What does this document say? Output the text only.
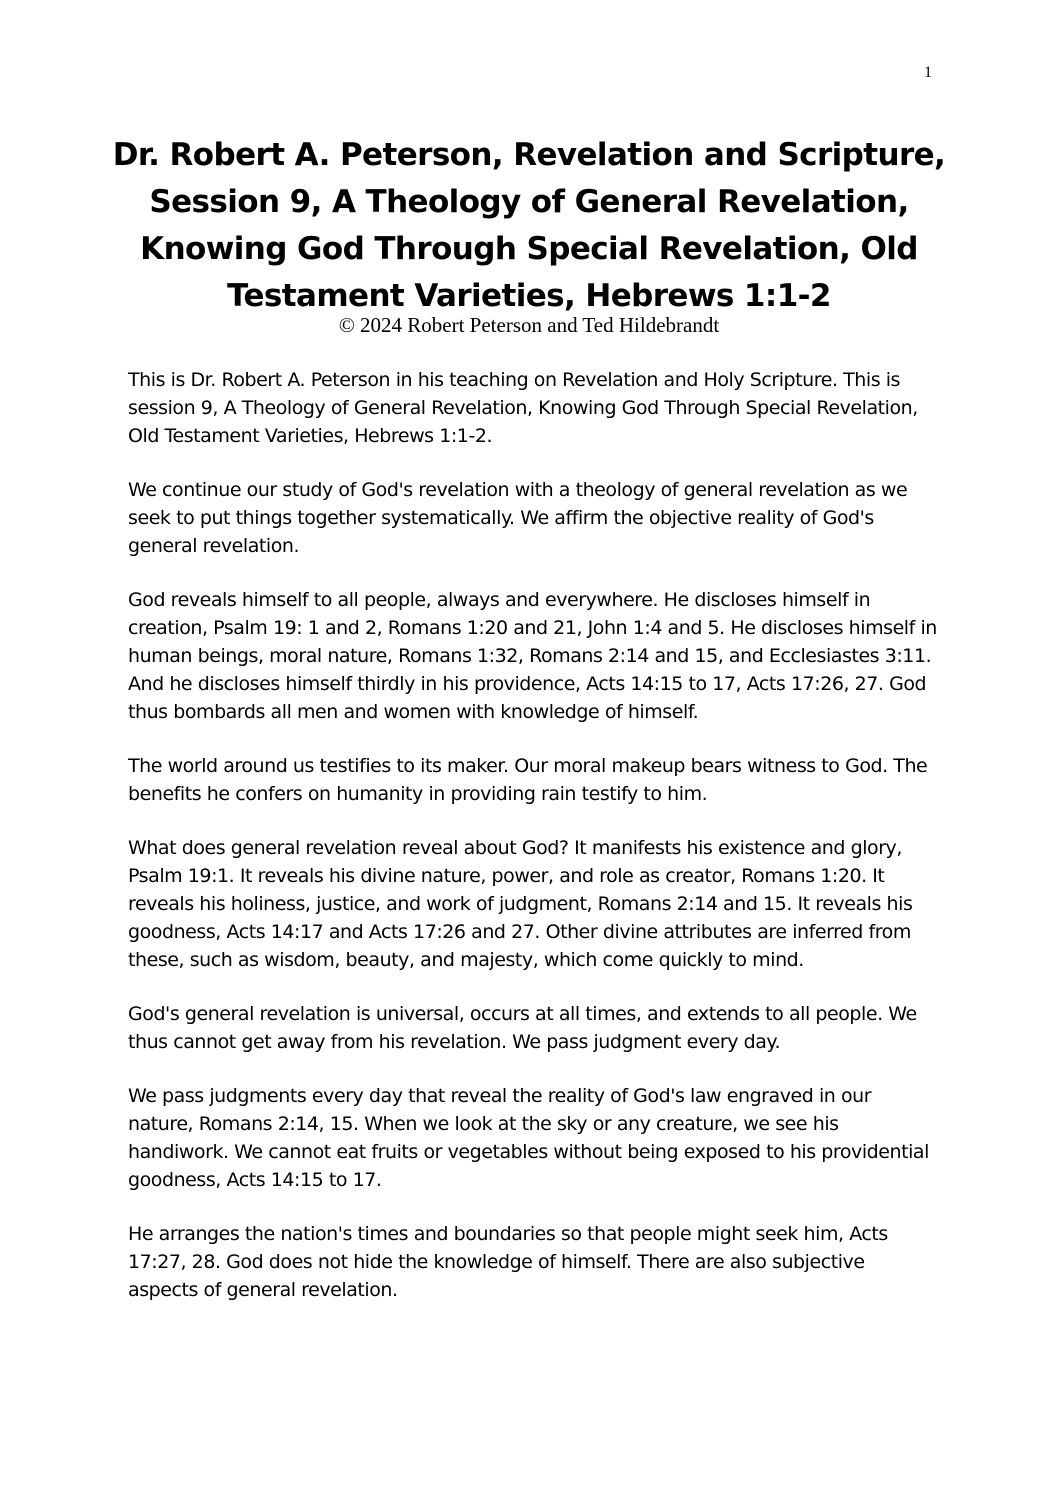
1
Dr. Robert A. Peterson, Revelation and Scripture, Session 9, A Theology of General Revelation, Knowing God Through Special Revelation, Old Testament Varieties, Hebrews 1:1-2
© 2024 Robert Peterson and Ted Hildebrandt

This is Dr. Robert A. Peterson in his teaching on Revelation and Holy Scripture. This is session 9, A Theology of General Revelation, Knowing God Through Special Revelation, Old Testament Varieties, Hebrews 1:1-2.

We continue our study of God's revelation with a theology of general revelation as we seek to put things together systematically. We affirm the objective reality of God's general revelation.

God reveals himself to all people, always and everywhere. He discloses himself in creation, Psalm 19: 1 and 2, Romans 1:20 and 21, John 1:4 and 5. He discloses himself in human beings, moral nature, Romans 1:32, Romans 2:14 and 15, and Ecclesiastes 3:11. And he discloses himself thirdly in his providence, Acts 14:15 to 17, Acts 17:26, 27. God thus bombards all men and women with knowledge of himself.

The world around us testifies to its maker. Our moral makeup bears witness to God. The benefits he confers on humanity in providing rain testify to him.

What does general revelation reveal about God? It manifests his existence and glory, Psalm 19:1. It reveals his divine nature, power, and role as creator, Romans 1:20. It reveals his holiness, justice, and work of judgment, Romans 2:14 and 15. It reveals his goodness, Acts 14:17 and Acts 17:26 and 27. Other divine attributes are inferred from these, such as wisdom, beauty, and majesty, which come quickly to mind.

God's general revelation is universal, occurs at all times, and extends to all people. We thus cannot get away from his revelation. We pass judgment every day.

We pass judgments every day that reveal the reality of God's law engraved in our nature, Romans 2:14, 15. When we look at the sky or any creature, we see his handiwork. We cannot eat fruits or vegetables without being exposed to his providential goodness, Acts 14:15 to 17.

He arranges the nation's times and boundaries so that people might seek him, Acts 17:27, 28. God does not hide the knowledge of himself. There are also subjective aspects of general revelation.
